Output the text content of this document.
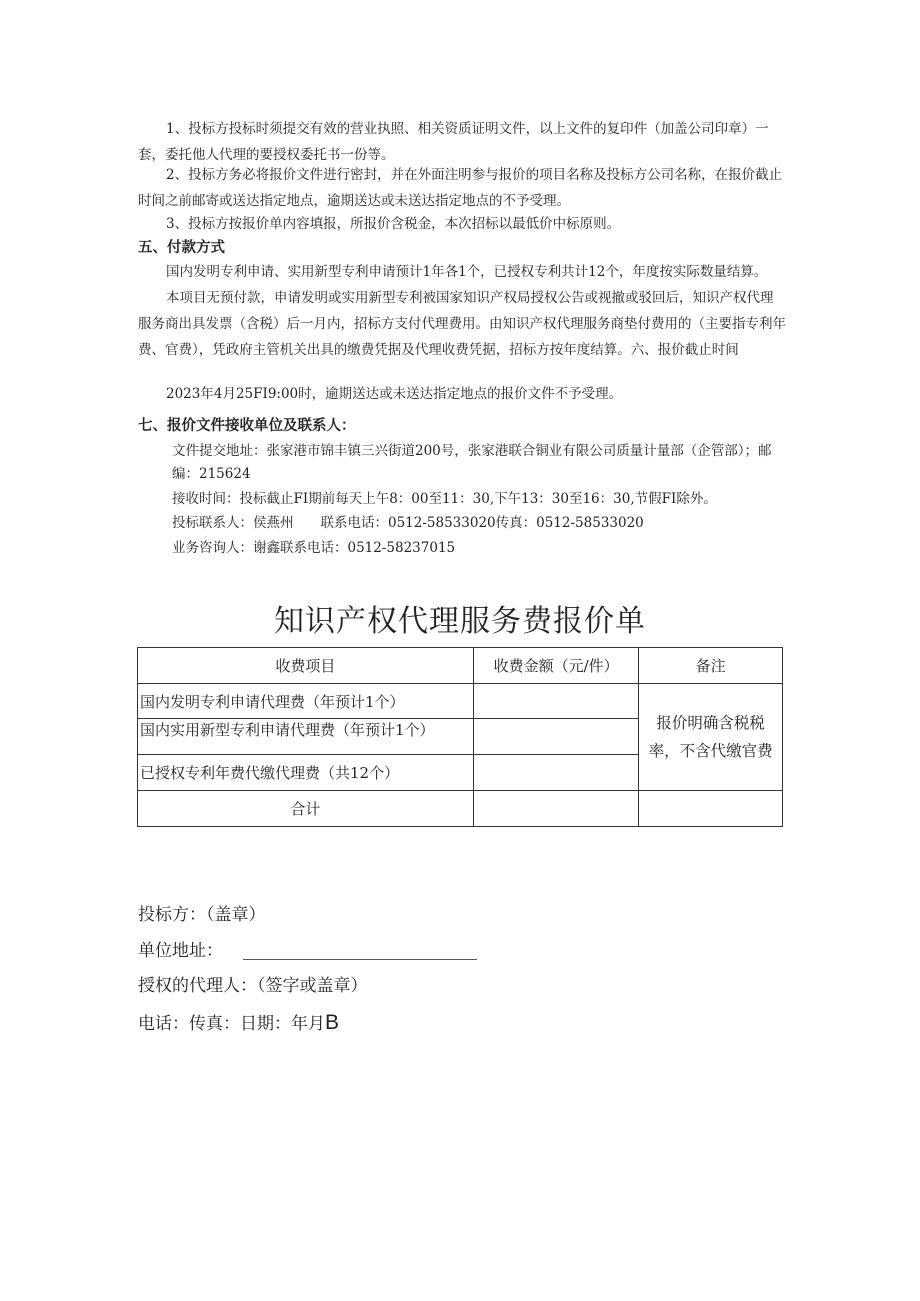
1、投标方投标时须提交有效的营业执照、相关资质证明文件，以上文件的复印件（加盖公司印章）一套，委托他人代理的要授权委托书一份等。

2、投标方务必将报价文件进行密封，并在外面注明参与报价的项目名称及投标方公司名称，在报价截止时间之前邮寄或送达指定地点，逾期送达或未送达指定地点的不予受理。

3、投标方按报价单内容填报，所报价含税金，本次招标以最低价中标原则。

五、付款方式

国内发明专利申请、实用新型专利申请预计1年各1个，已授权专利共计12个，年度按实际数量结算。

本项目无预付款，申请发明或实用新型专利被国家知识产权局授权公告或视撤或驳回后，知识产权代理服务商出具发票（含税）后一月内，招标方支付代理费用。由知识产权代理服务商垫付费用的（主要指专利年费、官费），凭政府主管机关出具的缴费凭据及代理收费凭据，招标方按年度结算。六、报价截止时间

2023年4月25FI9:00时，逾期送达或未送达指定地点的报价文件不予受理。

七、报价文件接收单位及联系人：

文件提交地址：张家港市锦丰镇三兴街道200号，张家港联合铜业有限公司质量计量部（企管部）；邮编：215624

接收时间：投标截止FI期前每天上午8：00至11：30,下午13：30至16：30,节假FI除外。

投标联系人：侯燕州　　联系电话：0512-58533020传真：0512-58533020

业务咨询人：谢鑫联系电话：0512-58237015

知识产权代理服务费报价单

收费项目	收费金额（元/件）	备注
国内发明专利申请代理费（年预计1个）		报价明确含税税
率，不含代缴官费

国内实用新型专利申请代理费（年预计1个）		

已授权专利年费代缴代理费（共12个）		
合计		

投标方：（盖章）

单位地址：

授权的代理人：（签字或盖章）

电话：传真：日期：年月B
